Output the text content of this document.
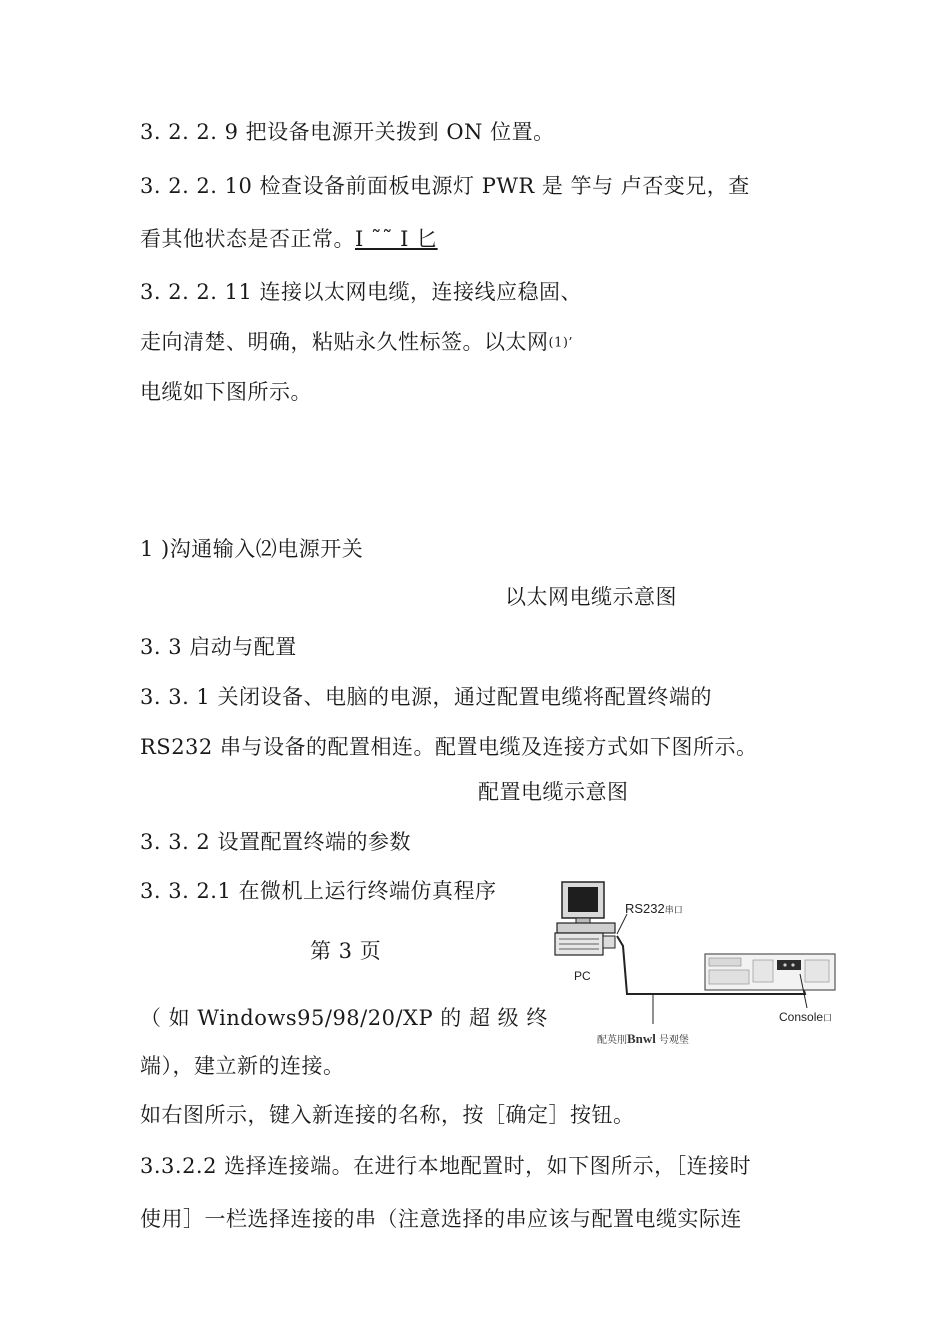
3. 2. 2. 9 把设备电源开关拨到 ON 位置。
3. 2. 2. 10 检查设备前面板电源灯 PWR 是 竽与 卢否变兄，查
看其他状态是否正常。I ˜˜ I 匕
3. 2. 2. 11 连接以太网电缆，连接线应稳固、
走向清楚、明确，粘贴永久性标签。以太网(1)’
电缆如下图所示。
1 )沟通输入⑵电源开关
以太网电缆示意图
3. 3 启动与配置
3. 3. 1 关闭设备、电脑的电源，通过配置电缆将配置终端的
RS232 串与设备的配置相连。配置电缆及连接方式如下图所示。
配置电缆示意图
3. 3. 2 设置配置终端的参数
3. 3. 2.1 在微机上运行终端仿真程序
第 3 页
（ 如 Windows95/98/20/XP 的 超 级 终
端），建立新的连接。
如右图所示，键入新连接的名称，按［确定］按钮。
3.3.2.2 选择连接端。在进行本地配置时，如下图所示，［连接时
使用］一栏选择连接的串（注意选择的串应该与配置电缆实际连
PC
RS232串口
Console口
配英刖Bnwl 号观堡
